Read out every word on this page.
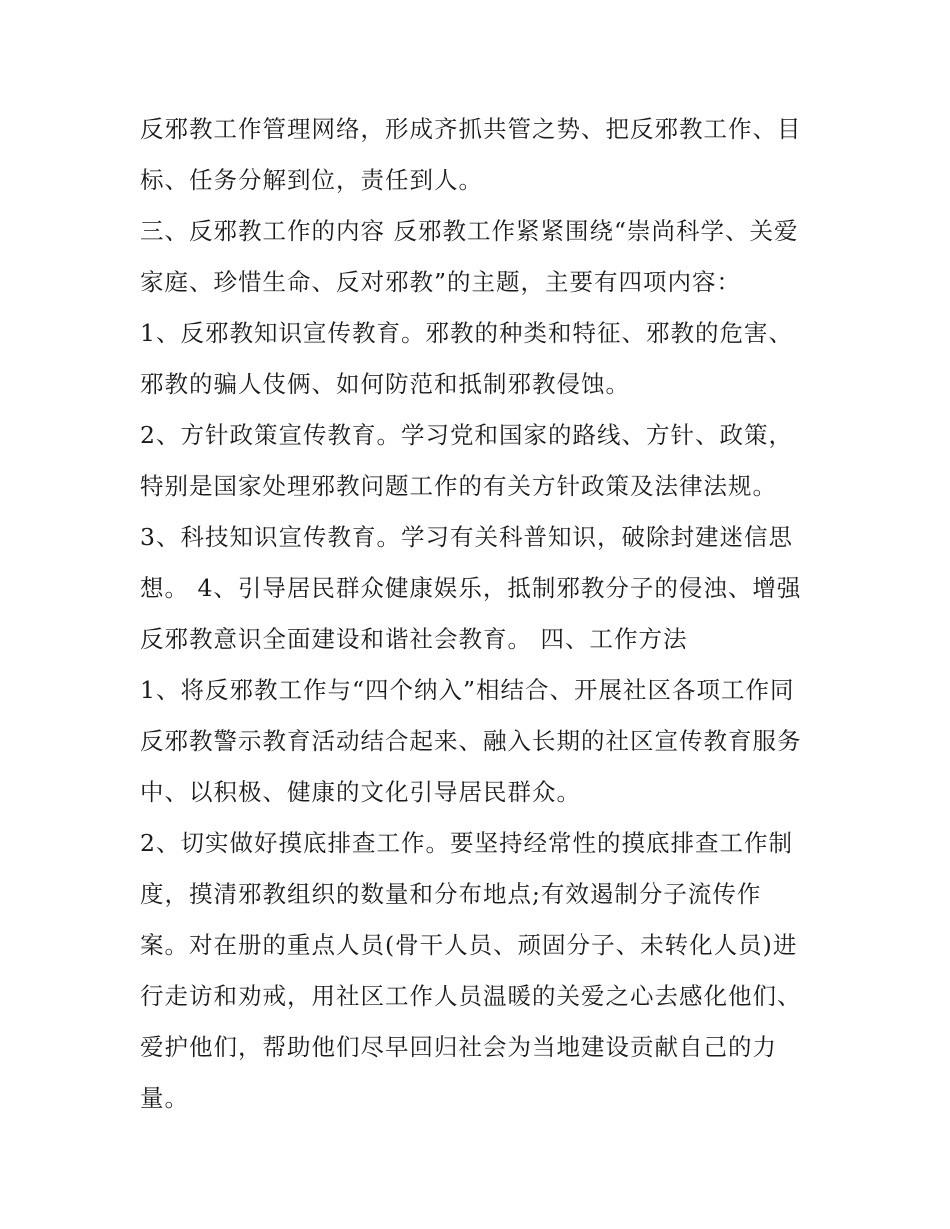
反邪教工作管理网络，形成齐抓共管之势、把反邪教工作、目
标、任务分解到位，责任到人。
三、反邪教工作的内容 反邪教工作紧紧围绕“崇尚科学、关爱
家庭、珍惜生命、反对邪教”的主题，主要有四项内容：
1、反邪教知识宣传教育。邪教的种类和特征、邪教的危害、
邪教的骗人伎俩、如何防范和抵制邪教侵蚀。
2、方针政策宣传教育。学习党和国家的路线、方针、政策，
特别是国家处理邪教问题工作的有关方针政策及法律法规。
3、科技知识宣传教育。学习有关科普知识，破除封建迷信思
想。 4、引导居民群众健康娱乐，抵制邪教分子的侵浊、增强
反邪教意识全面建设和谐社会教育。 四、工作方法
1、将反邪教工作与“四个纳入”相结合、开展社区各项工作同
反邪教警示教育活动结合起来、融入长期的社区宣传教育服务
中、以积极、健康的文化引导居民群众。
2、切实做好摸底排查工作。要坚持经常性的摸底排查工作制
度，摸清邪教组织的数量和分布地点;有效遏制分子流传作
案。对在册的重点人员(骨干人员、顽固分子、未转化人员)进
行走访和劝戒，用社区工作人员温暖的关爱之心去感化他们、
爱护他们，帮助他们尽早回归社会为当地建设贡献自己的力
量。
